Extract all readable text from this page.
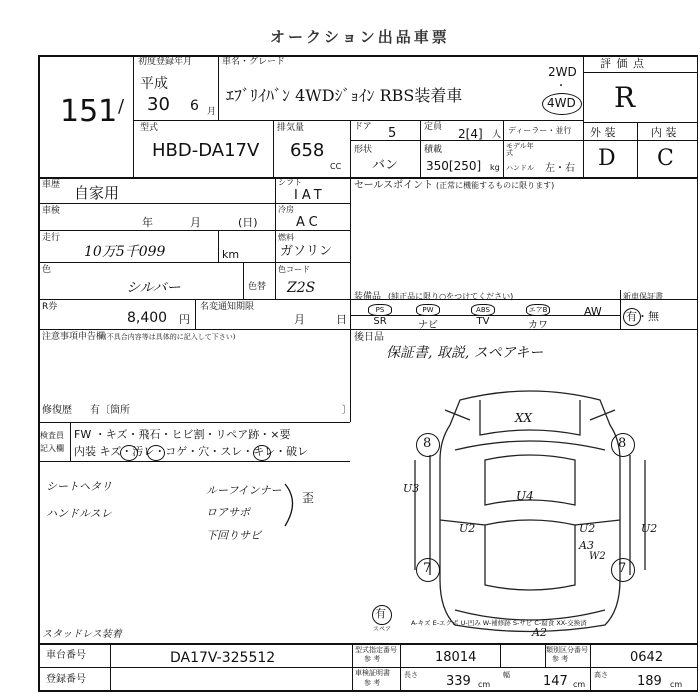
オークション出品車票
151 /
初度登録年月
平成
30 6 月
車名・グレード
ｴﾌﾞﾘｲﾊﾞﾝ 4WDｼﾞｮｲﾝ RBS装着車
2WD
・
4WD
評 価 点
R
外 装	内 装
D C
型式
HBD-DA17V
排気量
658
CC
ドア 5
形状
バン
定員 2[4] 人
積載
350[250] kg
ディーラー・並行
モデル年式
ハンドル 左・右
車歴 自家用
シフト
IAT
車検
年	月	(日)
冷房
AC
走行
10万5千099	km
燃料
ガソリン
色
シルバー	色替
色コード
Z2S
R券
8,400 円
名変通知期限
月	日
セールスポイント (正常に機能するものに限ります)
装備品 (純正品に限り○をつけてください)	新車保証書
有・無
PS
SR
PW
ナビ
ABS
TV
エアB
カワ
AW
注意事項申告欄
(不具合内容等は具体的に記入して下さい)	後日品
保証書, 取説, スペアキー
修復歴 有〔箇所	〕
検査員
記入欄
FW ・キズ・飛石・ヒビ割・リペア跡・×要
内装 キズ・汚レ・コゲ・穴・スレ・キレ・破レ
シートヘタリ
ハンドルスレ
ルーフインナー
ロアサポ
下回りサビ
歪
XX
U4
U3
U2	U2	U2
A3
W2
A2
8	8
7	7
有
スペア
A-キズ E-エクボ U-凹み W-補修跡 S-サビ C-腐食 XX-交換済
スタッドレス装着
車台番号	DA17V-325512	型式指定番号
参 考	18014	類別区分番号
参 考	0642
登録番号
車検証明書
参 考
長さ 339 cm
幅	147 cm
高さ 189 cm
